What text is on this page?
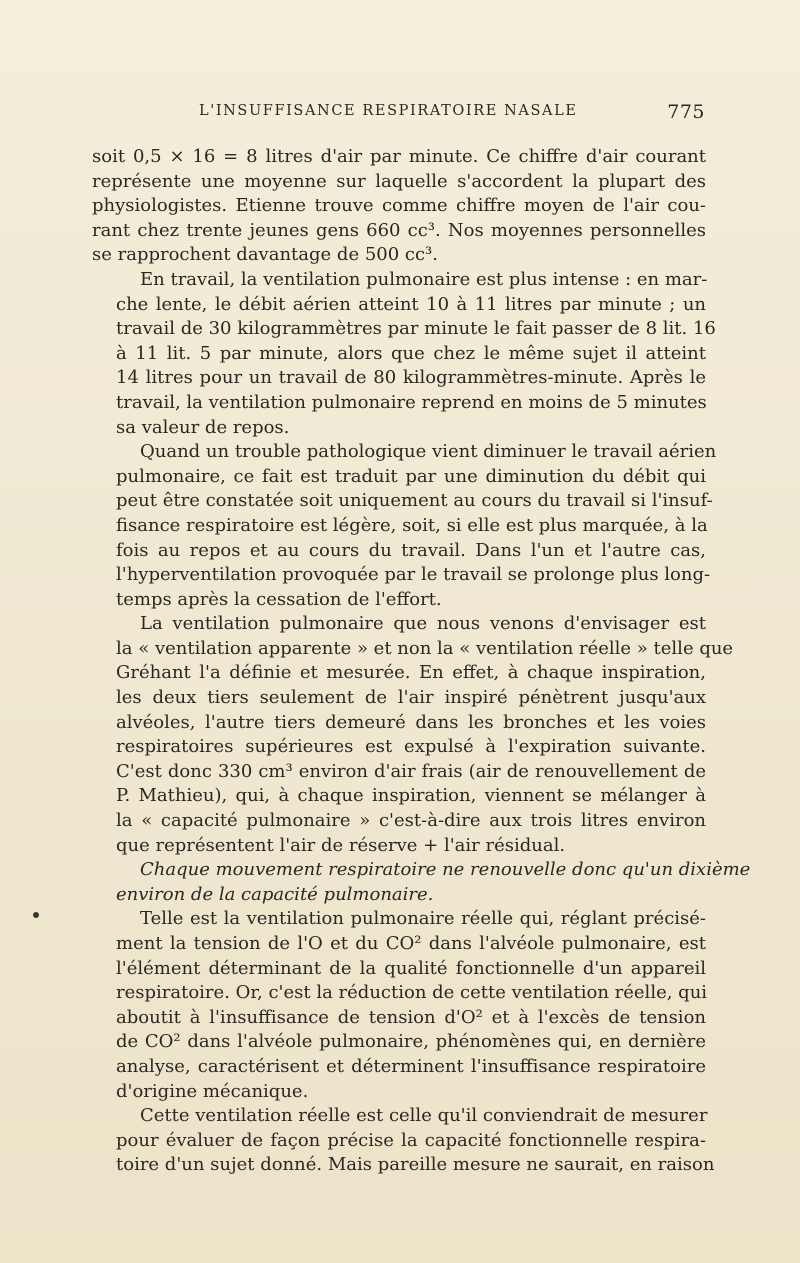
L'INSUFFISANCE RESPIRATOIRE NASALE	775
soit 0,5 × 16 = 8 litres d'air par minute. Ce chiffre d'air courant
représente une moyenne sur laquelle s'accordent la plupart des
physiologistes. Etienne trouve comme chiffre moyen de l'air cou-
rant chez trente jeunes gens 660 cc³. Nos moyennes personnelles
se rapprochent davantage de 500 cc³.
En travail, la ventilation pulmonaire est plus intense : en mar-
che lente, le débit aérien atteint 10 à 11 litres par minute ; un
travail de 30 kilogrammètres par minute le fait passer de 8 lit. 16
à 11 lit. 5 par minute, alors que chez le même sujet il atteint
14 litres pour un travail de 80 kilogrammètres-minute. Après le
travail, la ventilation pulmonaire reprend en moins de 5 minutes
sa valeur de repos.
Quand un trouble pathologique vient diminuer le travail aérien
pulmonaire, ce fait est traduit par une diminution du débit qui
peut être constatée soit uniquement au cours du travail si l'insuf-
fisance respiratoire est légère, soit, si elle est plus marquée, à la
fois au repos et au cours du travail. Dans l'un et l'autre cas,
l'hyperventilation provoquée par le travail se prolonge plus long-
temps après la cessation de l'effort.
La ventilation pulmonaire que nous venons d'envisager est
la « ventilation apparente » et non la « ventilation réelle » telle que
Gréhant l'a définie et mesurée. En effet, à chaque inspiration,
les deux tiers seulement de l'air inspiré pénètrent jusqu'aux
alvéoles, l'autre tiers demeuré dans les bronches et les voies
respiratoires supérieures est expulsé à l'expiration suivante.
C'est donc 330 cm³ environ d'air frais (air de renouvellement de
P. Mathieu), qui, à chaque inspiration, viennent se mélanger à
la « capacité pulmonaire » c'est-à-dire aux trois litres environ
que représentent l'air de réserve + l'air résidual.
Chaque mouvement respiratoire ne renouvelle donc qu'un dixième
environ de la capacité pulmonaire.
Telle est la ventilation pulmonaire réelle qui, réglant précisé-
ment la tension de l'O et du CO² dans l'alvéole pulmonaire, est
l'élément déterminant de la qualité fonctionnelle d'un appareil
respiratoire. Or, c'est la réduction de cette ventilation réelle, qui
aboutit à l'insuffisance de tension d'O² et à l'excès de tension
de CO² dans l'alvéole pulmonaire, phénomènes qui, en dernière
analyse, caractérisent et déterminent l'insuffisance respiratoire
d'origine mécanique.
Cette ventilation réelle est celle qu'il conviendrait de mesurer
pour évaluer de façon précise la capacité fonctionnelle respira-
toire d'un sujet donné. Mais pareille mesure ne saurait, en raison
